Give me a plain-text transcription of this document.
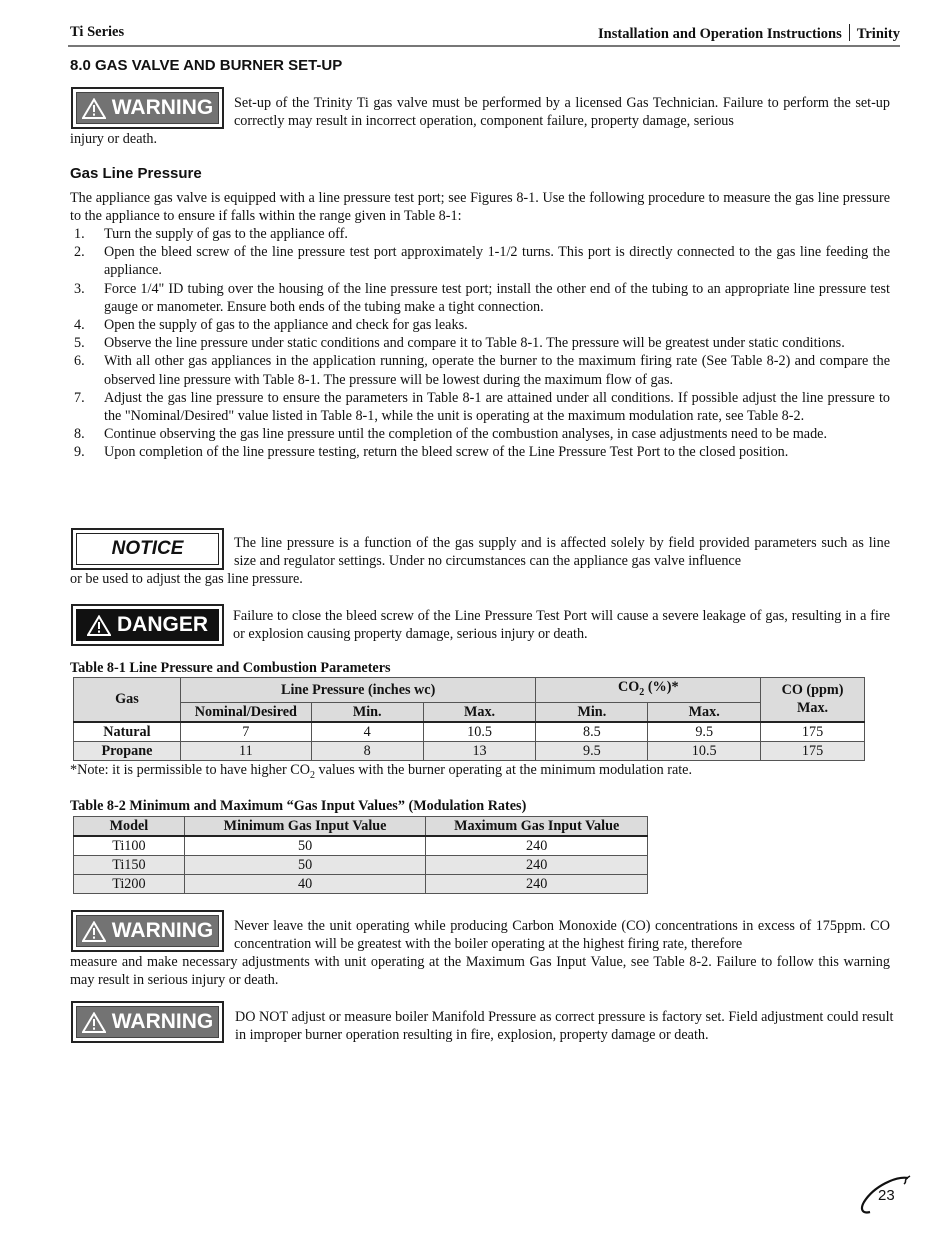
Ti Series	Installation and Operation Instructions Trinity
8.0 GAS VALVE AND BURNER SET-UP
WARNING Set-up of the Trinity Ti gas valve must be performed by a licensed Gas Technician. Failure to perform the set-up correctly may result in incorrect operation, component failure, property damage, serious
injury or death.
Gas Line Pressure
The appliance gas valve is equipped with a line pressure test port; see Figures 8-1. Use the following procedure to measure the gas line pressure to the appliance to ensure if falls within the range given in Table 8-1:
1. Turn the supply of gas to the appliance off.
2. Open the bleed screw of the line pressure test port approximately 1-1/2 turns. This port is directly connected to the gas line feeding the appliance.
3. Force 1/4" ID tubing over the housing of the line pressure test port; install the other end of the tubing to an appropriate line pressure test gauge or manometer. Ensure both ends of the tubing make a tight connection.
4. Open the supply of gas to the appliance and check for gas leaks.
5. Observe the line pressure under static conditions and compare it to Table 8-1. The pressure will be greatest under static conditions.
6. With all other gas appliances in the application running, operate the burner to the maximum firing rate (See Table 8-2) and compare the observed line pressure with Table 8-1. The pressure will be lowest during the maximum flow of gas.
7. Adjust the gas line pressure to ensure the parameters in Table 8-1 are attained under all conditions. If possible adjust the line pressure to the "Nominal/Desired" value listed in Table 8-1, while the unit is operating at the maximum modulation rate, see Table 8-2.
8. Continue observing the gas line pressure until the completion of the combustion analyses, in case adjustments need to be made.
9. Upon completion of the line pressure testing, return the bleed screw of the Line Pressure Test Port to the closed position.
NOTICE	The line pressure is a function of the gas supply and is affected solely by field provided parameters such as line size and regulator settings. Under no circumstances can the appliance gas valve influence
or be used to adjust the gas line pressure.
DANGER Failure to close the bleed screw of the Line Pressure Test Port will cause a severe leakage of gas, resulting in a fire or explosion causing property damage, serious injury or death.
Table 8-1 Line Pressure and Combustion Parameters
Gas	Line Pressure (inches wc)			$CO_2$ (%)*		CO (ppm)
Max.
	Nominal/Desired	Min.	Max.	Min.	Max.	
Natural	7	4	10.5	8.5	9.5	175
Propane	11	8	13	9.5	10.5	175
*Note: it is permissible to have higher $CO_2$ values with the burner operating at the minimum modulation rate.
Table 8-2 Minimum and Maximum “Gas Input Values” (Modulation Rates)
Model	Minimum Gas Input Value	Maximum Gas Input Value
Ti100	50	240
Ti150	50	240
Ti200	40	240
WARNING Never leave the unit operating while producing Carbon Monoxide (CO) concentrations in excess of 175ppm. CO concentration will be greatest with the boiler operating at the highest firing rate, therefore
measure and make necessary adjustments with unit operating at the Maximum Gas Input Value, see Table 8-2. Failure to follow this warning may result in serious injury or death.
WARNING DO NOT adjust or measure boiler Manifold Pressure as correct pressure is factory set. Field adjustment could result in improper burner operation resulting in fire, explosion, property damage or death.
23
